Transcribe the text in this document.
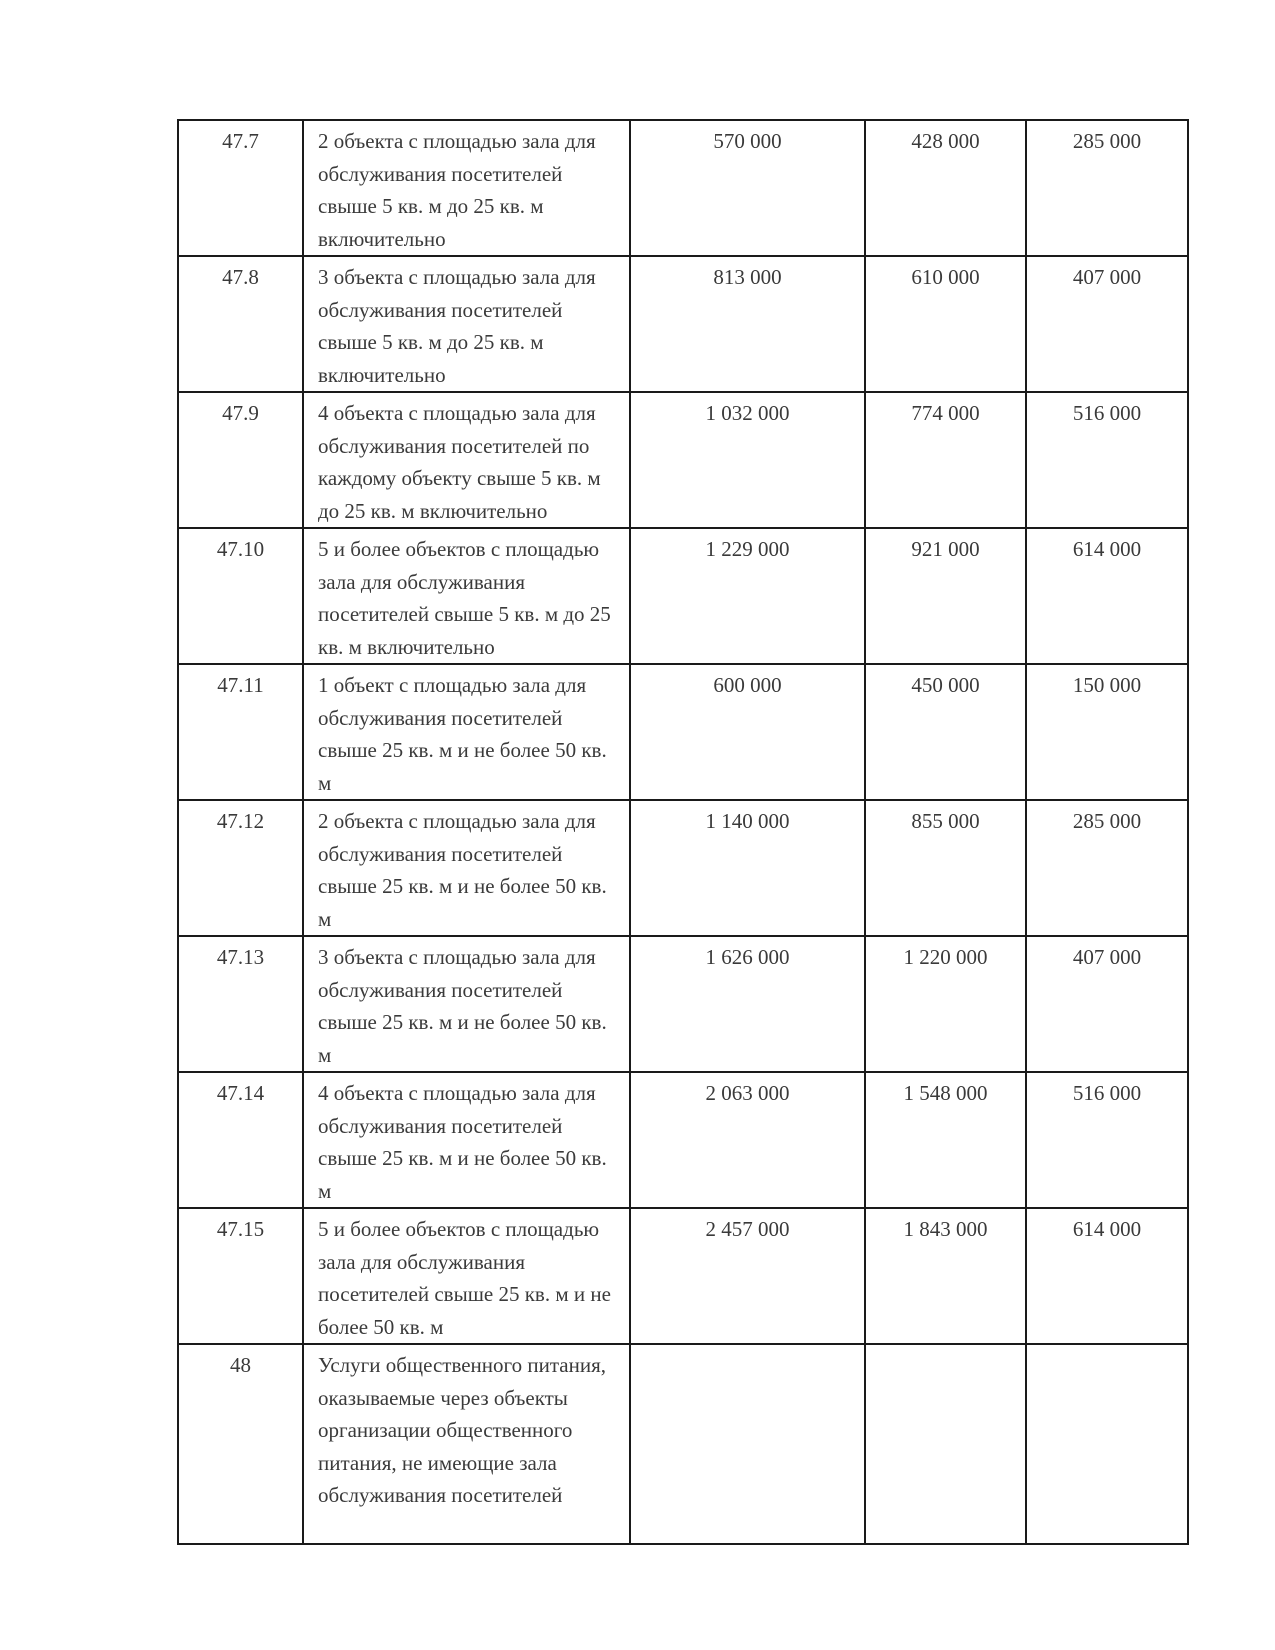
47.7	2 объекта с площадью зала для обслуживания посетителей свыше 5 кв. м до 25 кв. м включительно	570 000	428 000	285 000
47.8	3 объекта с площадью зала для обслуживания посетителей свыше 5 кв. м до 25 кв. м включительно	813 000	610 000	407 000
47.9	4 объекта с площадью зала для обслуживания посетителей по каждому объекту свыше 5 кв. м до 25 кв. м включительно	1 032 000	774 000	516 000
47.10	5 и более объектов с площадью зала для обслуживания посетителей свыше 5 кв. м до 25 кв. м включительно	1 229 000	921 000	614 000
47.11	1 объект с площадью зала для обслуживания посетителей свыше 25 кв. м и не более 50 кв. м	600 000	450 000	150 000
47.12	2 объекта с площадью зала для обслуживания посетителей свыше 25 кв. м и не более 50 кв. м	1 140 000	855 000	285 000
47.13	3 объекта с площадью зала для обслуживания посетителей свыше 25 кв. м и не более 50 кв. м	1 626 000	1 220 000	407 000
47.14	4 объекта с площадью зала для обслуживания посетителей свыше 25 кв. м и не более 50 кв. м	2 063 000	1 548 000	516 000
47.15	5 и более объектов с площадью зала для обслуживания посетителей свыше 25 кв. м и не более 50 кв. м	2 457 000	1 843 000	614 000
48	Услуги общественного питания, оказываемые через объекты организации общественного питания, не имеющие зала обслуживания посетителей			
